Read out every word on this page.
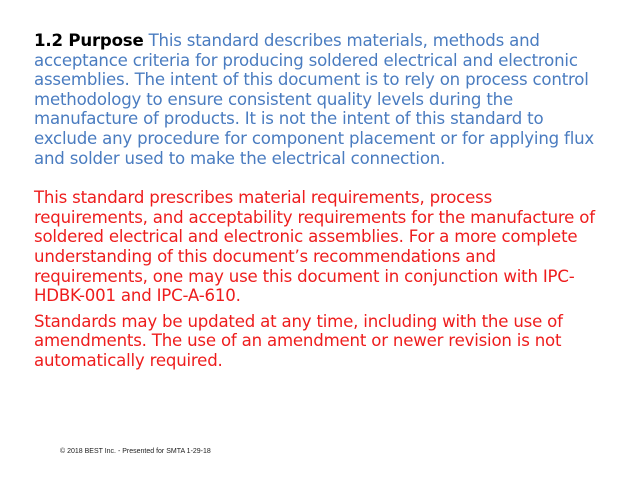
1.2 Purpose This standard describes materials, methods and acceptance criteria for producing soldered electrical and electronic assemblies. The intent of this document is to rely on process control methodology to ensure consistent quality levels during the manufacture of products. It is not the intent of this standard to exclude any procedure for component placement or for applying flux and solder used to make the electrical connection.

This standard prescribes material requirements, process requirements, and acceptability requirements for the manufacture of soldered electrical and electronic assemblies. For a more complete understanding of this document’s recommendations and requirements, one may use this document in conjunction with IPC-HDBK-001 and IPC-A-610.

Standards may be updated at any time, including with the use of amendments. The use of an amendment or newer revision is not automatically required.

© 2018 BEST Inc. - Presented for SMTA 1-29-18
